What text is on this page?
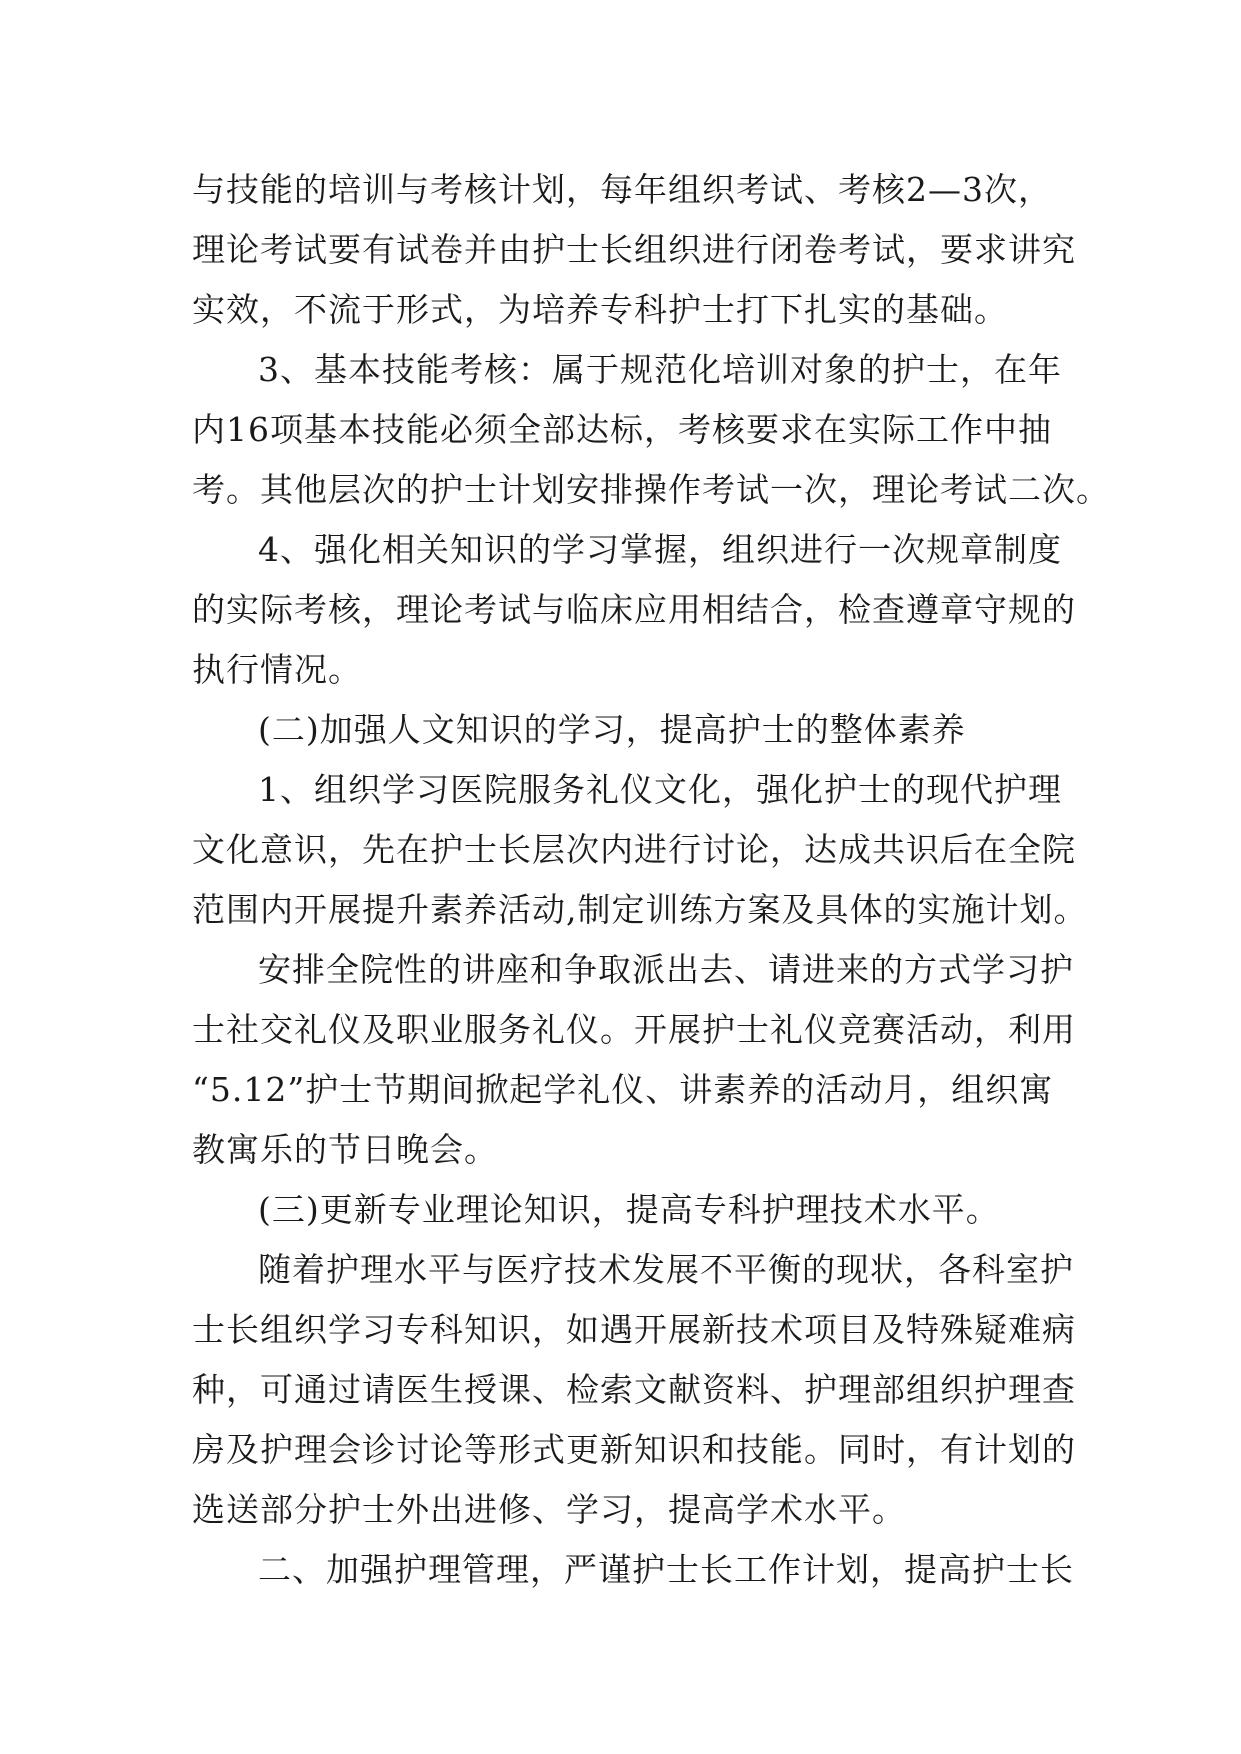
与技能的培训与考核计划，每年组织考试、考核2—3次，
理论考试要有试卷并由护士长组织进行闭卷考试，要求讲究
实效，不流于形式，为培养专科护士打下扎实的基础。
3、基本技能考核：属于规范化培训对象的护士，在年
内16项基本技能必须全部达标，考核要求在实际工作中抽
考。其他层次的护士计划安排操作考试一次，理论考试二次。
4、强化相关知识的学习掌握，组织进行一次规章制度
的实际考核，理论考试与临床应用相结合，检查遵章守规的
执行情况。
(二)加强人文知识的学习，提高护士的整体素养
1、组织学习医院服务礼仪文化，强化护士的现代护理
文化意识，先在护士长层次内进行讨论，达成共识后在全院
范围内开展提升素养活动,制定训练方案及具体的实施计划。
安排全院性的讲座和争取派出去、请进来的方式学习护
士社交礼仪及职业服务礼仪。开展护士礼仪竞赛活动，利用
“5.12”护士节期间掀起学礼仪、讲素养的活动月，组织寓
教寓乐的节日晚会。
(三)更新专业理论知识，提高专科护理技术水平。
随着护理水平与医疗技术发展不平衡的现状，各科室护
士长组织学习专科知识，如遇开展新技术项目及特殊疑难病
种，可通过请医生授课、检索文献资料、护理部组织护理查
房及护理会诊讨论等形式更新知识和技能。同时，有计划的
选送部分护士外出进修、学习，提高学术水平。
二、加强护理管理，严谨护士长工作计划，提高护士长
